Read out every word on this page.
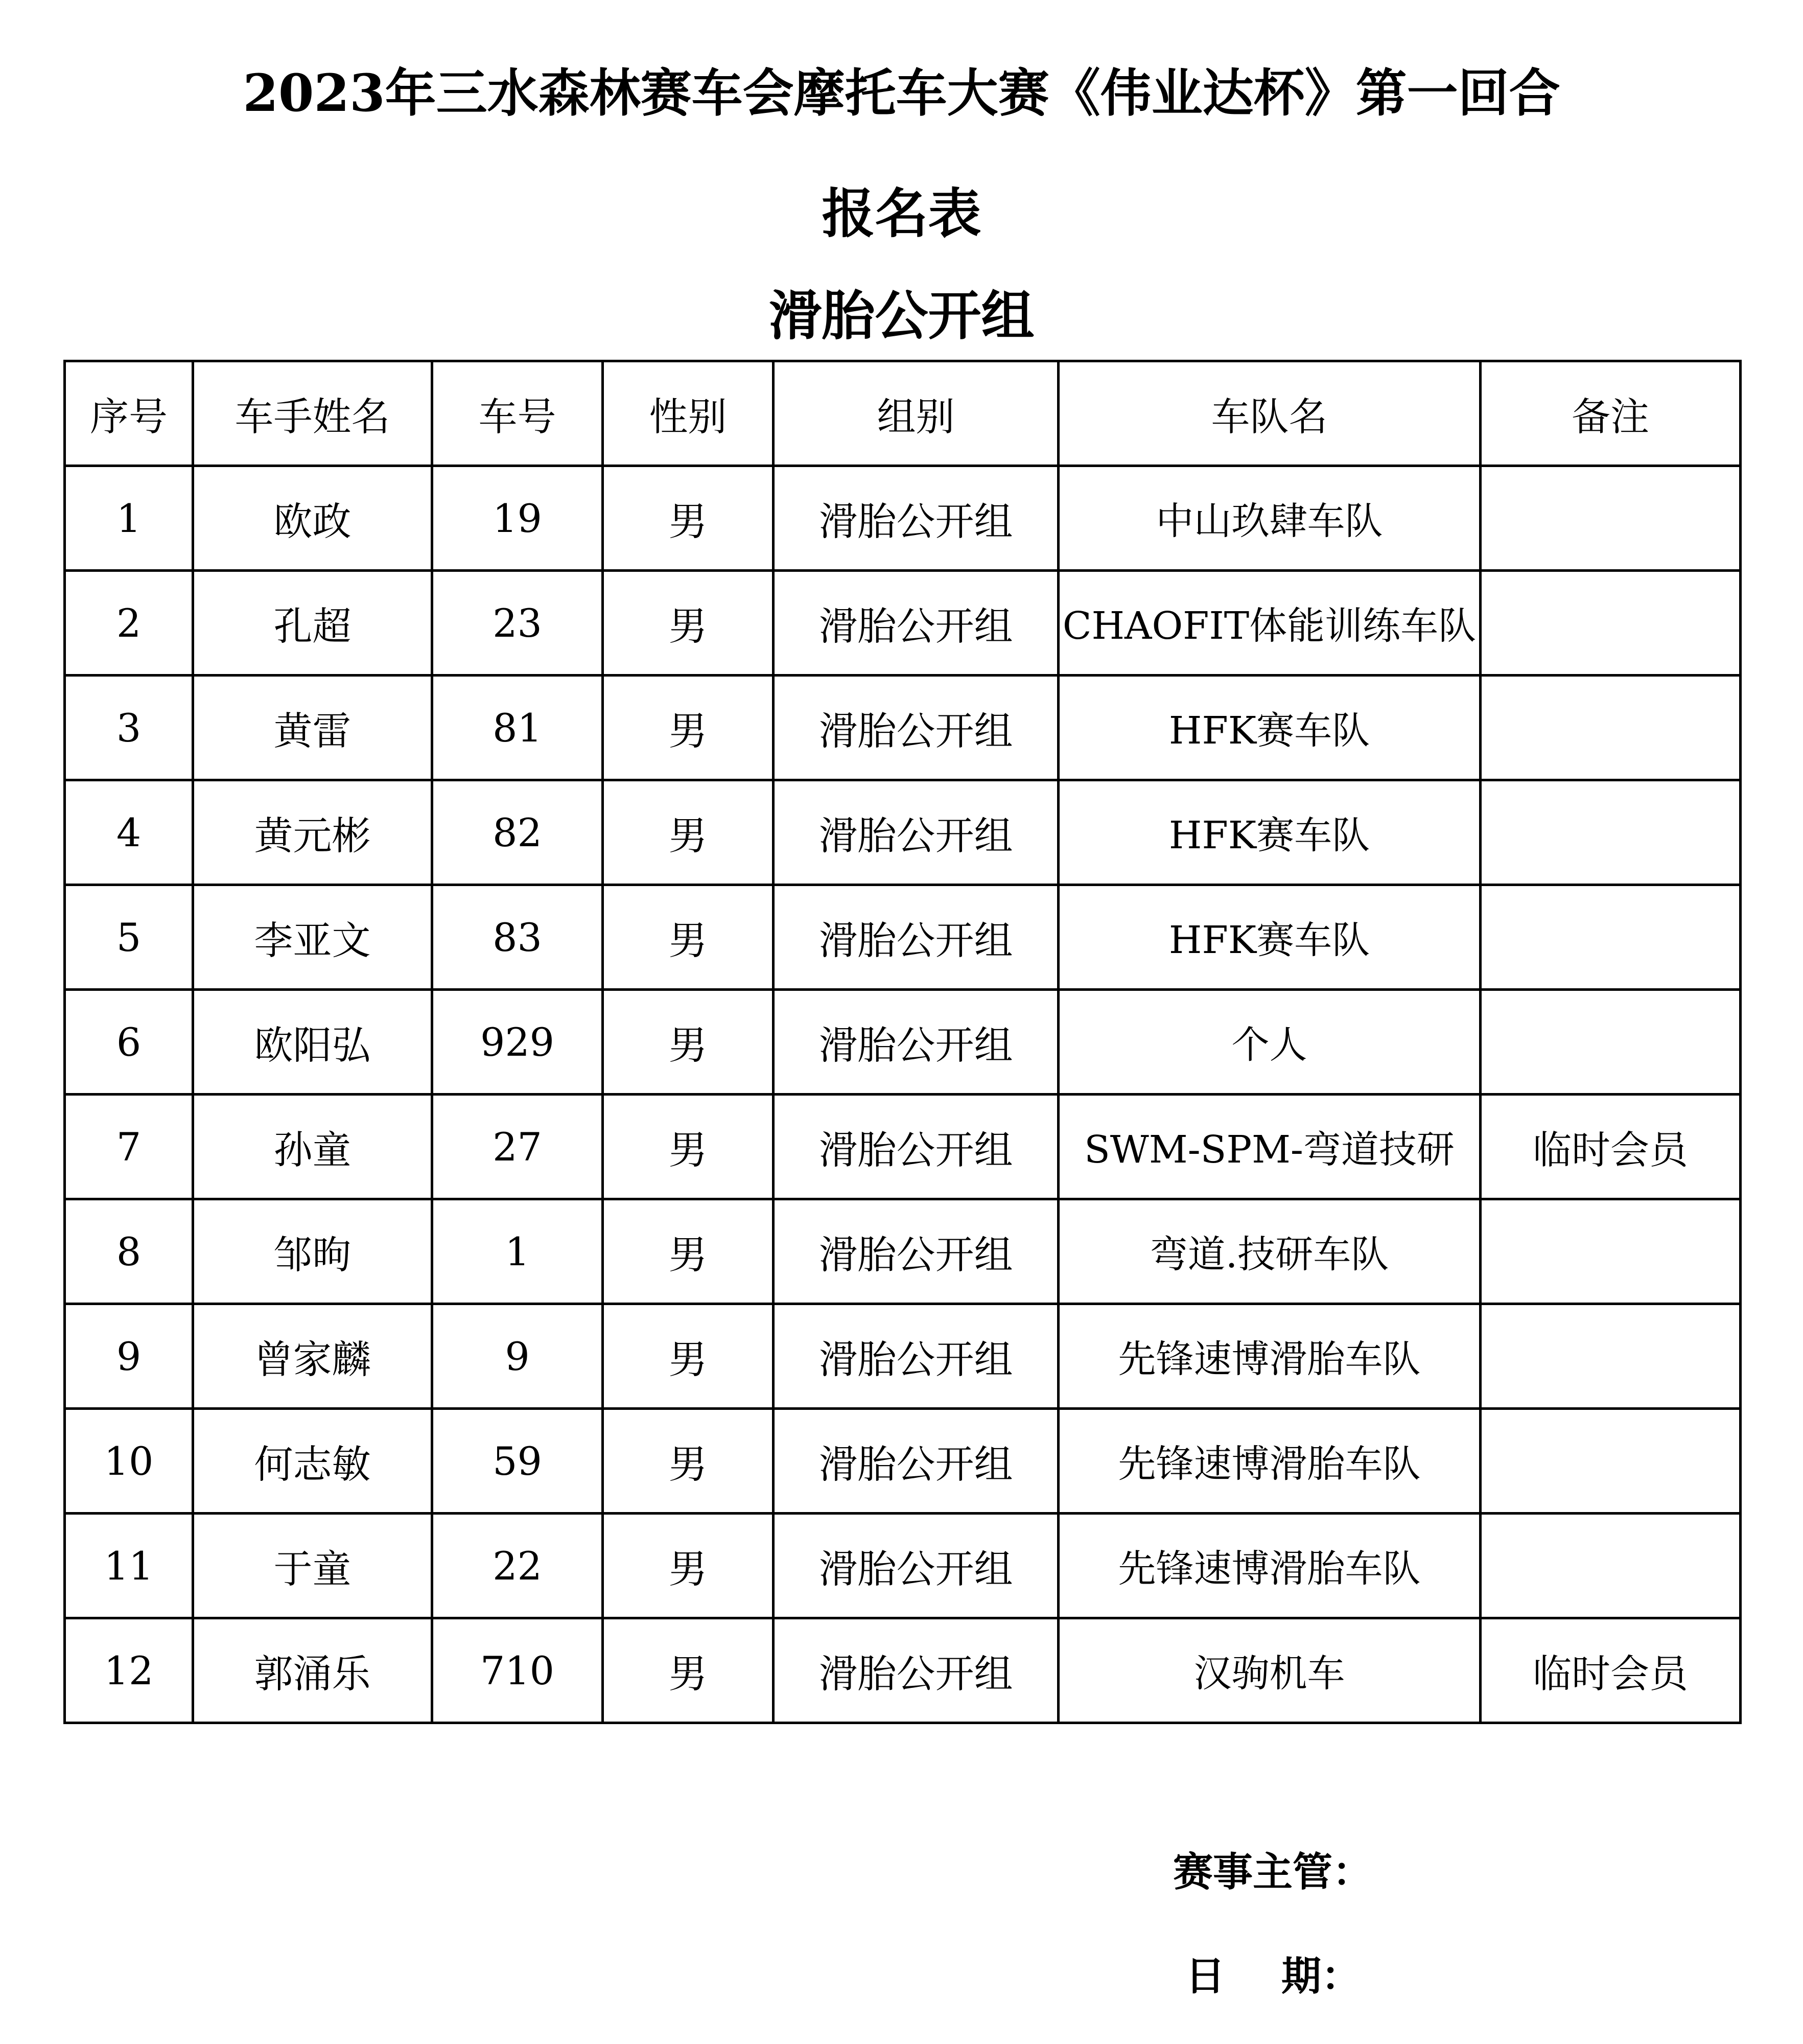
2023年三水森林赛车会摩托车大赛《伟业达杯》第一回合
报名表
滑胎公开组
序号	车手姓名	车号	性别	组别	车队名	备注
1	欧政	19	男	滑胎公开组	中山玖肆车队	
2	孔超	23	男	滑胎公开组	CHAOFIT体能训练车队	
3	黄雷	81	男	滑胎公开组	HFK赛车队	
4	黄元彬	82	男	滑胎公开组	HFK赛车队	
5	李亚文	83	男	滑胎公开组	HFK赛车队	
6	欧阳弘	929	男	滑胎公开组	个人	
7	孙童	27	男	滑胎公开组	SWM-SPM-弯道技研	临时会员
8	邹昫	1	男	滑胎公开组	弯道.技研车队	
9	曾家麟	9	男	滑胎公开组	先锋速博滑胎车队	
10	何志敏	59	男	滑胎公开组	先锋速博滑胎车队	
11	于童	22	男	滑胎公开组	先锋速博滑胎车队	
12	郭涌乐	710	男	滑胎公开组	汉驹机车	临时会员
赛事主管：
日 期：
